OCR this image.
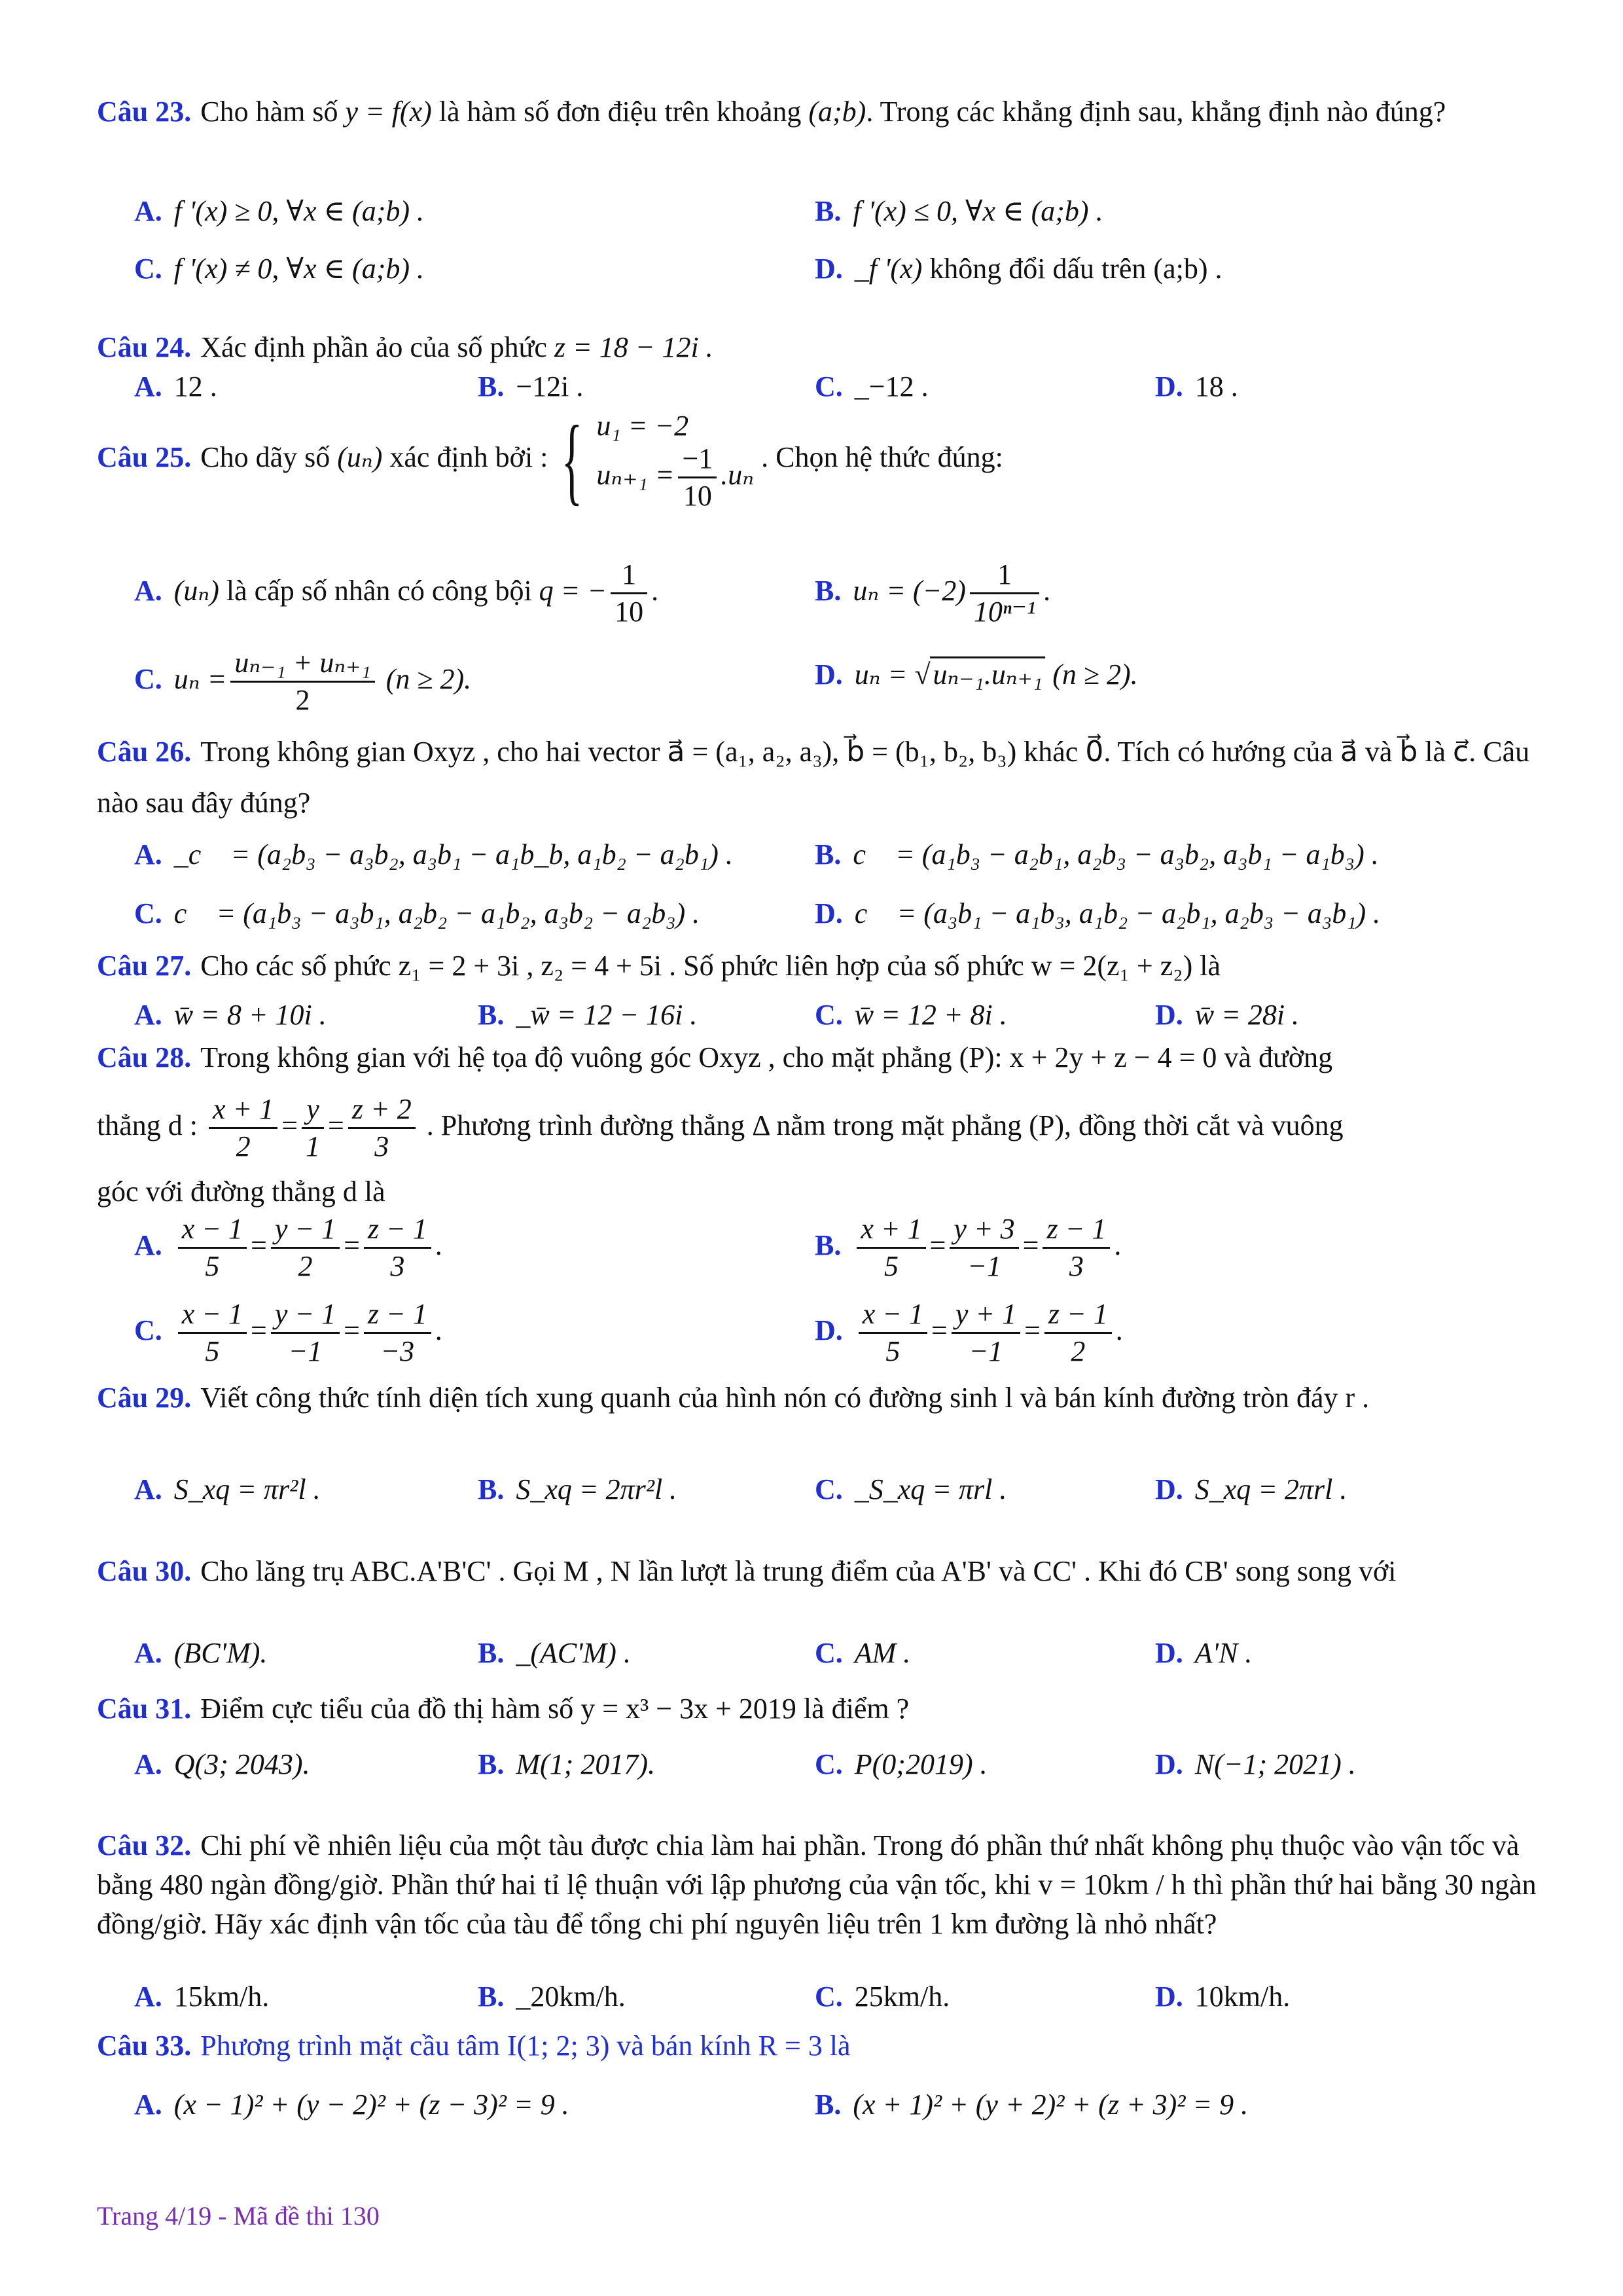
Câu 23. Cho hàm số y = f(x) là hàm số đơn điệu trên khoảng (a;b). Trong các khẳng định sau, khẳng định nào đúng?
A. f '(x) ≥ 0, ∀x ∈ (a;b) .	B. f '(x) ≤ 0, ∀x ∈ (a;b) .
C. f '(x) ≠ 0, ∀x ∈ (a;b) .	D. _f '(x) không đổi dấu trên (a;b) .
Câu 24. Xác định phần ảo của số phức z = 18 − 12i .
A. 12 .	B. −12i .	C. _−12 .	D. 18 .
Câu 25. Cho dãy số (uₙ) xác định bởi : { u₁ = −2
$u_{n+1} = \frac{-1}{10} .u_n$
. Chọn hệ thức đúng:
A. (uₙ) là cấp số nhân có công bội q = − $\frac{1}{10}$ .	B. $u_n = (-2) \frac{1}{\text{10ⁿ⁻¹}}$ .
C. $u_n = \frac{\text{uₙ₋₁ + uₙ₊₁}}{2} (n \ge 2)$.	D. uₙ = √uₙ₋₁.uₙ₊₁ (n ≥ 2).
Câu 26. Trong không gian Oxyz , cho hai vector a⃗ = (a₁, a₂, a₃), b⃗ = (b₁, b₂, b₃) khác 0⃗. Tích có hướng của a⃗ và b⃗ là c⃗. Câu nào sau đây đúng?
A. _c⃗ = (a₂b₃ − a₃b₂, a₃b₁ − a₁b_b, a₁b₂ − a₂b₁) .	B. c⃗ = (a₁b₃ − a₂b₁, a₂b₃ − a₃b₂, a₃b₁ − a₁b₃) .
C. c⃗ = (a₁b₃ − a₃b₁, a₂b₂ − a₁b₂, a₃b₂ − a₂b₃) .	D. c⃗ = (a₃b₁ − a₁b₃, a₁b₂ − a₂b₁, a₂b₃ − a₃b₁) .
Câu 27. Cho các số phức z₁ = 2 + 3i , z₂ = 4 + 5i . Số phức liên hợp của số phức w = 2(z₁ + z₂) là
A. w̄ = 8 + 10i .	B. _w̄ = 12 − 16i .	C. w̄ = 12 + 8i .	D. w̄ = 28i .
Câu 28. Trong không gian với hệ tọa độ vuông góc Oxyz , cho mặt phẳng (P): x + 2y + z − 4 = 0 và đường
thẳng d : $\frac{x + 1}{2} = \frac{y}{1} = \frac{z + 2}{3}$ . Phương trình đường thẳng Δ nằm trong mặt phẳng (P), đồng thời cắt và vuông
góc với đường thẳng d là
A. $\frac{x - 1}{5} = \frac{y - 1}{2} = \frac{z - 1}{3}$ .	B. $\frac{x + 1}{5} = \frac{y + 3}{-1} = \frac{z - 1}{3}$ .
C. $\frac{x - 1}{5} = \frac{y - 1}{-1} = \frac{z - 1}{-3}$ .	D. $\frac{x - 1}{5} = \frac{y + 1}{-1} = \frac{z - 1}{2}$ .
Câu 29. Viết công thức tính diện tích xung quanh của hình nón có đường sinh l và bán kính đường tròn đáy r .
A. S_xq = πr²l .	B. S_xq = 2πr²l .	C. _S_xq = πrl .	D. S_xq = 2πrl .
Câu 30. Cho lăng trụ ABC.A'B'C' . Gọi M , N lần lượt là trung điểm của A'B' và CC' . Khi đó CB' song song với
A. (BC'M).	B. _(AC'M) .	C. AM .	D. A'N .
Câu 31. Điểm cực tiểu của đồ thị hàm số y = x³ − 3x + 2019 là điểm ?
A. Q(3; 2043).	B. M(1; 2017).	C. P(0;2019) .	D. N(−1; 2021) .
Câu 32. Chi phí về nhiên liệu của một tàu được chia làm hai phần. Trong đó phần thứ nhất không phụ thuộc vào vận tốc và bằng 480 ngàn đồng/giờ. Phần thứ hai tỉ lệ thuận với lập phương của vận tốc, khi v = 10km / h thì phần thứ hai bằng 30 ngàn đồng/giờ. Hãy xác định vận tốc của tàu để tổng chi phí nguyên liệu trên 1 km đường là nhỏ nhất?
A. 15km/h.	B. _20km/h.	C. 25km/h.	D. 10km/h.
Câu 33. Phương trình mặt cầu tâm I(1; 2; 3) và bán kính R = 3 là
A. (x − 1)² + (y − 2)² + (z − 3)² = 9 .	B. (x + 1)² + (y + 2)² + (z + 3)² = 9 .
Trang 4/19 - Mã đề thi 130
